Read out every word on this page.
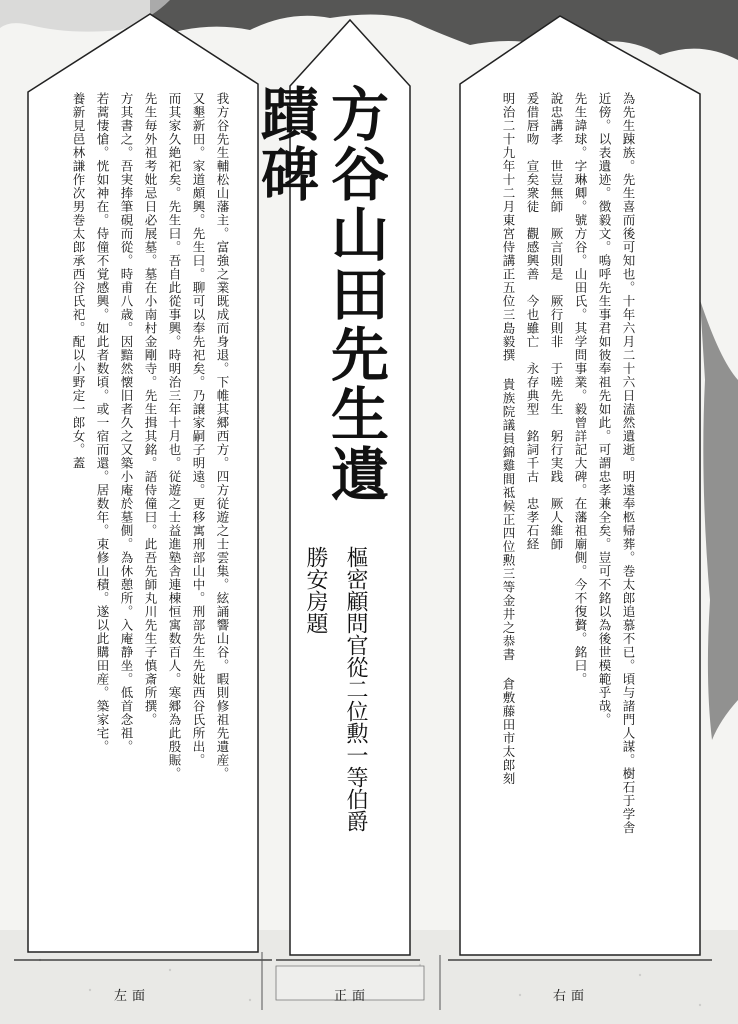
我方谷先生輔松山藩主。富強之業既成而身退。下帷其郷西方。四方従遊之士雲集。絃誦響山谷。暇則修祖先遺産。
又墾新田。家道頗興。先生曰。聊可以奉先祀矣。乃譲家嗣子明遠。更移寓刑部山中。刑部先生先妣西谷氏所出。
而其家久絶祀矣。先生曰。吾自此從事興。時明治三年十月也。従遊之士益進塾舎連棟恒寓数百人。寒郷為此殷賑。
先生毎外祖考妣忌日必展墓。墓在小南村金剛寺。先生揖其銘。語侍僮曰。此吾先師丸川先生子慎斎所撰。
方其書之。吾実捧筆硯而從。時甫八歳。因黯然懐旧者久之又築小庵於墓側。為休憩所。入庵静坐。低首念祖。
若蒿悽愴。恍如神在。侍僮不覚感興。如此者数頃。或一宿而還。居数年。束修山積。遂以此購田産。築家宅。
養新見邑林謙作次男巻太郎承西谷氏祀。配以小野定一郎女。蓋	方谷山田先生遺蹟碑
樞密顧問官從二位勲一等伯爵
勝安房題	為先生踈族。先生喜而後可知也。十年六月二十六日溘然遺逝。明遠奉柩帰葬。巻太郎追慕不已。頃与諸門人謀。樹石于学舎
近傍。以表遺迹。徴毅文。嗚呼先生事君如彼奉祖先如此。可謂忠孝兼全矣。豈可不銘以為後世模範乎哉。
先生諱球。字琳卿。號方谷。山田氏。其学問事業。毅曾詳記大碑。在藩祖廟側。今不復贅。銘曰。
說忠講孝　世豈無師　厥言則是　厥行則非　于嗟先生　躬行実践　厥人維師
爰借唇吻　宣矣衆徒　觀感興善　今也雖亡　永存典型　銘詞千古　忠孝石経
明治二十九年十二月東宮侍講正五位三島毅撰 貴族院議員錦雞間祗候正四位勲三等金井之恭書 倉敷藤田市太郎刻
左面	正面	右面
